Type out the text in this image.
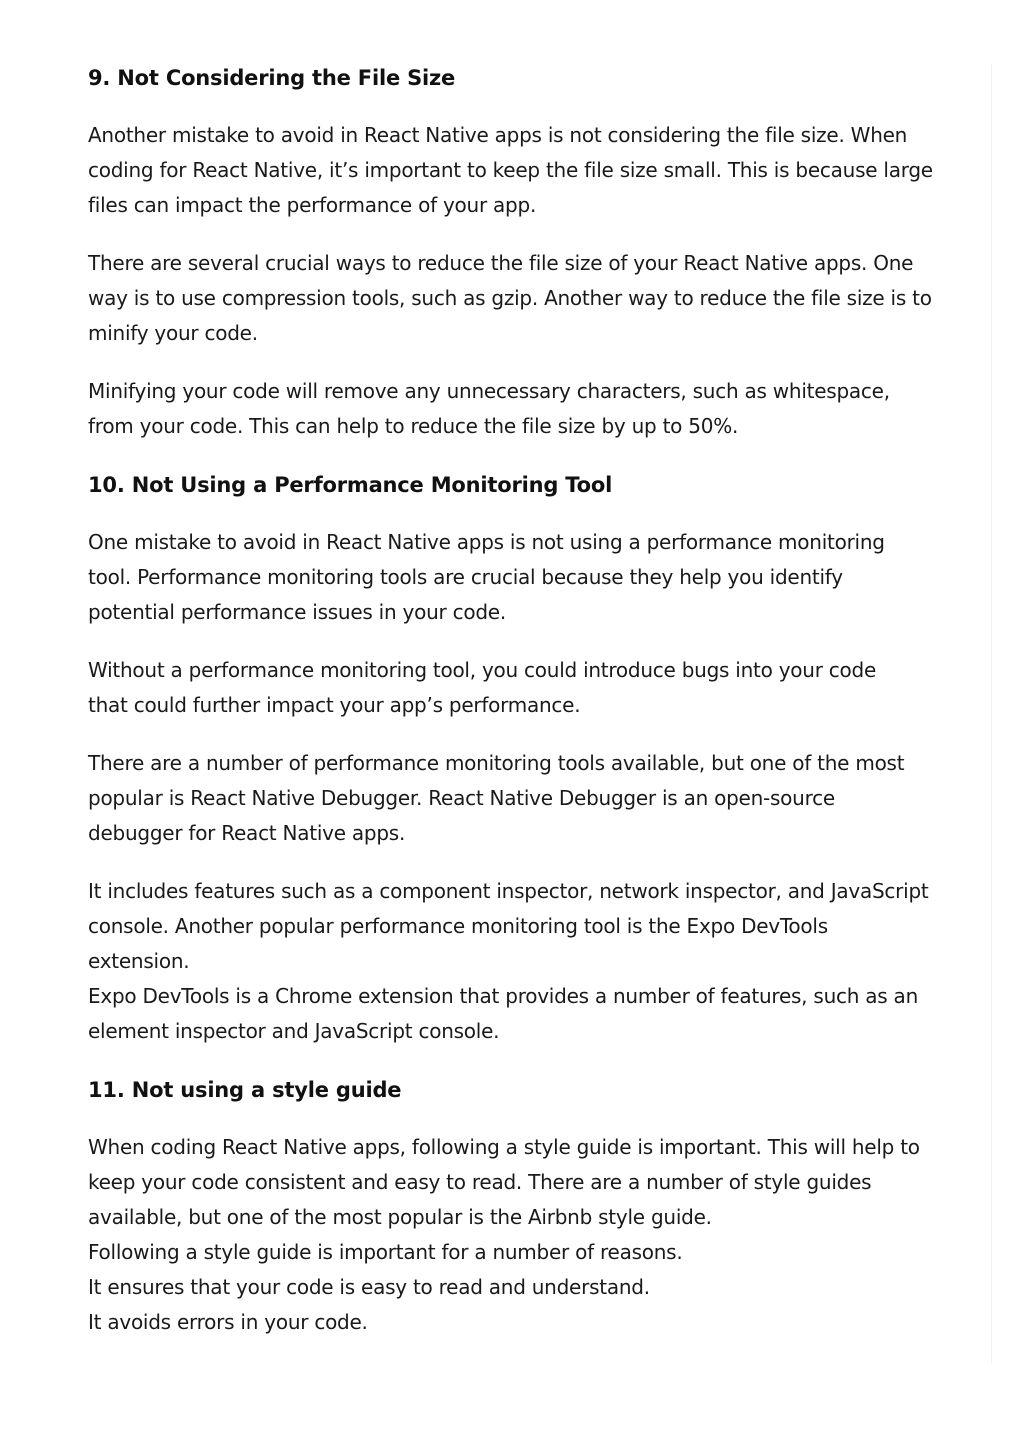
9. Not Considering the File Size
Another mistake to avoid in React Native apps is not considering the file size. When
coding for React Native, it’s important to keep the file size small. This is because large
files can impact the performance of your app.
There are several crucial ways to reduce the file size of your React Native apps. One
way is to use compression tools, such as gzip. Another way to reduce the file size is to
minify your code.
Minifying your code will remove any unnecessary characters, such as whitespace,
from your code. This can help to reduce the file size by up to 50%.
10. Not Using a Performance Monitoring Tool
One mistake to avoid in React Native apps is not using a performance monitoring
tool. Performance monitoring tools are crucial because they help you identify
potential performance issues in your code.
Without a performance monitoring tool, you could introduce bugs into your code
that could further impact your app’s performance.
There are a number of performance monitoring tools available, but one of the most
popular is React Native Debugger. React Native Debugger is an open-source
debugger for React Native apps.
It includes features such as a component inspector, network inspector, and JavaScript
console. Another popular performance monitoring tool is the Expo DevTools
extension.
Expo DevTools is a Chrome extension that provides a number of features, such as an
element inspector and JavaScript console.
11. Not using a style guide
When coding React Native apps, following a style guide is important. This will help to
keep your code consistent and easy to read. There are a number of style guides
available, but one of the most popular is the Airbnb style guide.
Following a style guide is important for a number of reasons.
It ensures that your code is easy to read and understand.
It avoids errors in your code.
